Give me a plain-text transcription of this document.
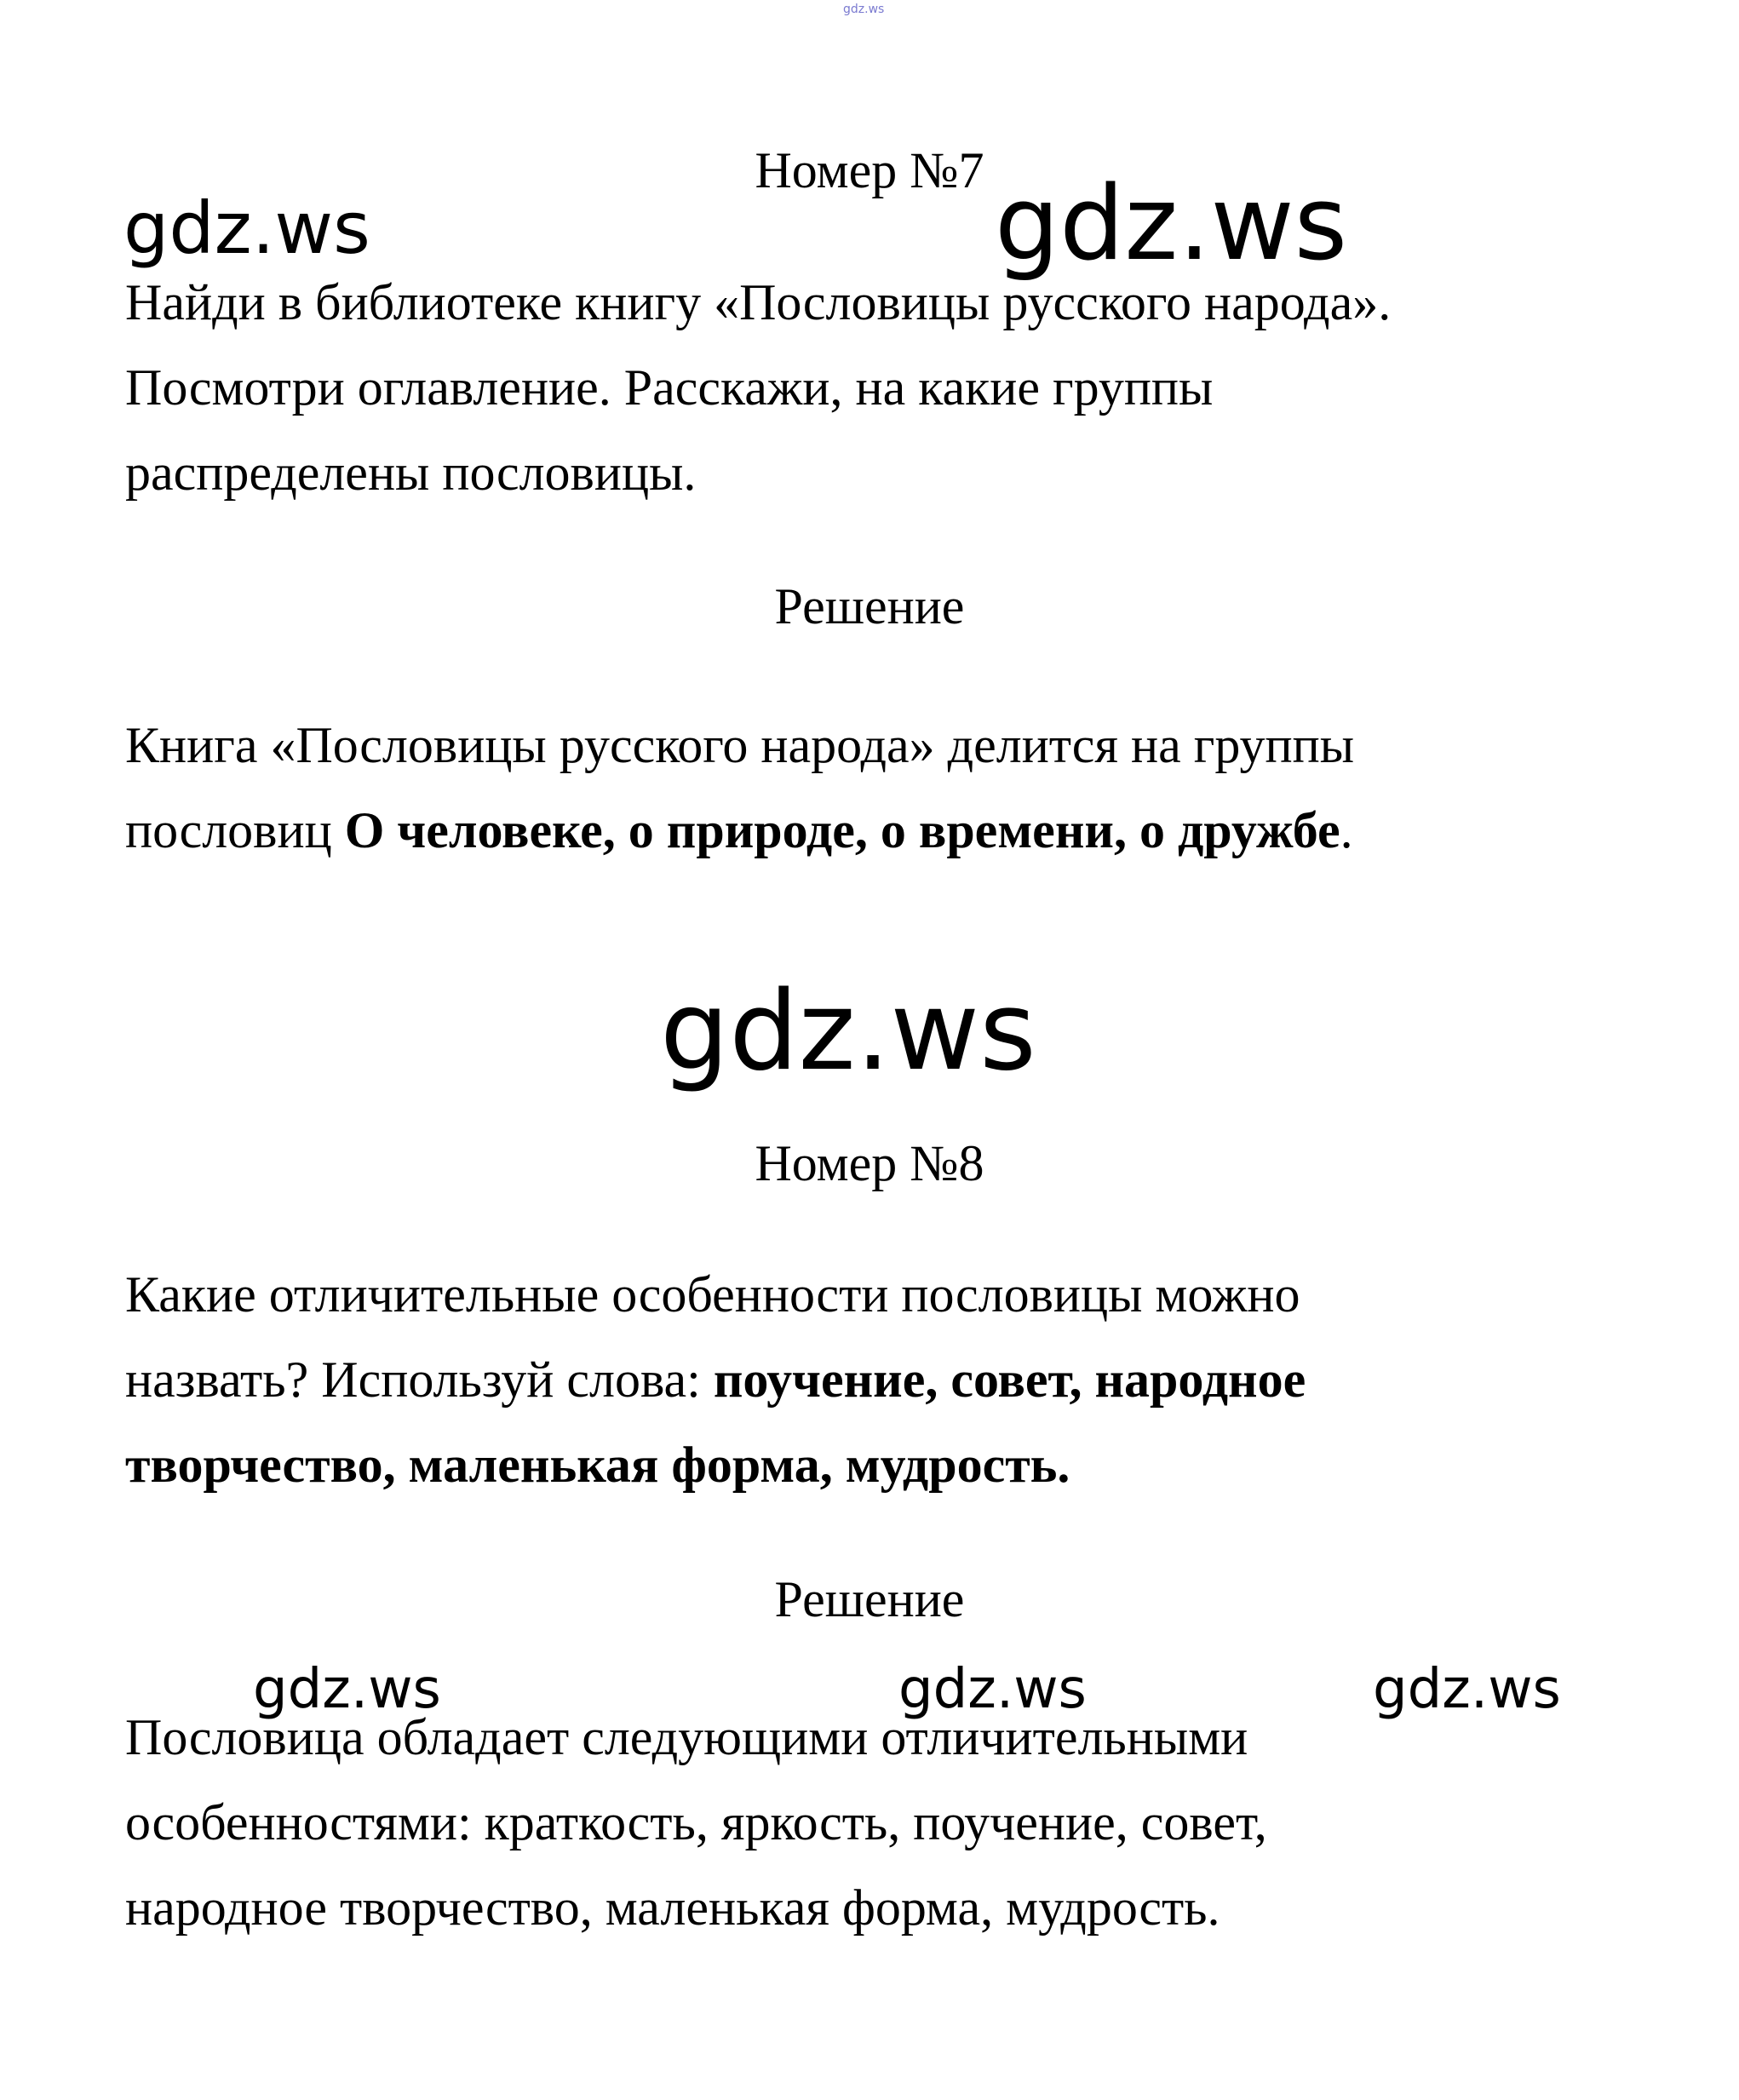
gdz.ws
Номер №7
gdz.ws	gdz.ws
Найди в библиотеке книгу «Пословицы русского народа».
Посмотри оглавление. Расскажи, на какие группы
распределены пословицы.
Решение
Книга «Пословицы русского народа» делится на группы
пословиц О человеке, о природе, о времени, о дружбе.
gdz.ws
Номер №8
Какие отличительные особенности пословицы можно
назвать? Используй слова: поучение, совет, народное
творчество, маленькая форма, мудрость.
Решение
gdz.ws	gdz.ws	gdz.ws
Пословица обладает следующими отличительными
особенностями: краткость, яркость, поучение, совет,
народное творчество, маленькая форма, мудрость.
